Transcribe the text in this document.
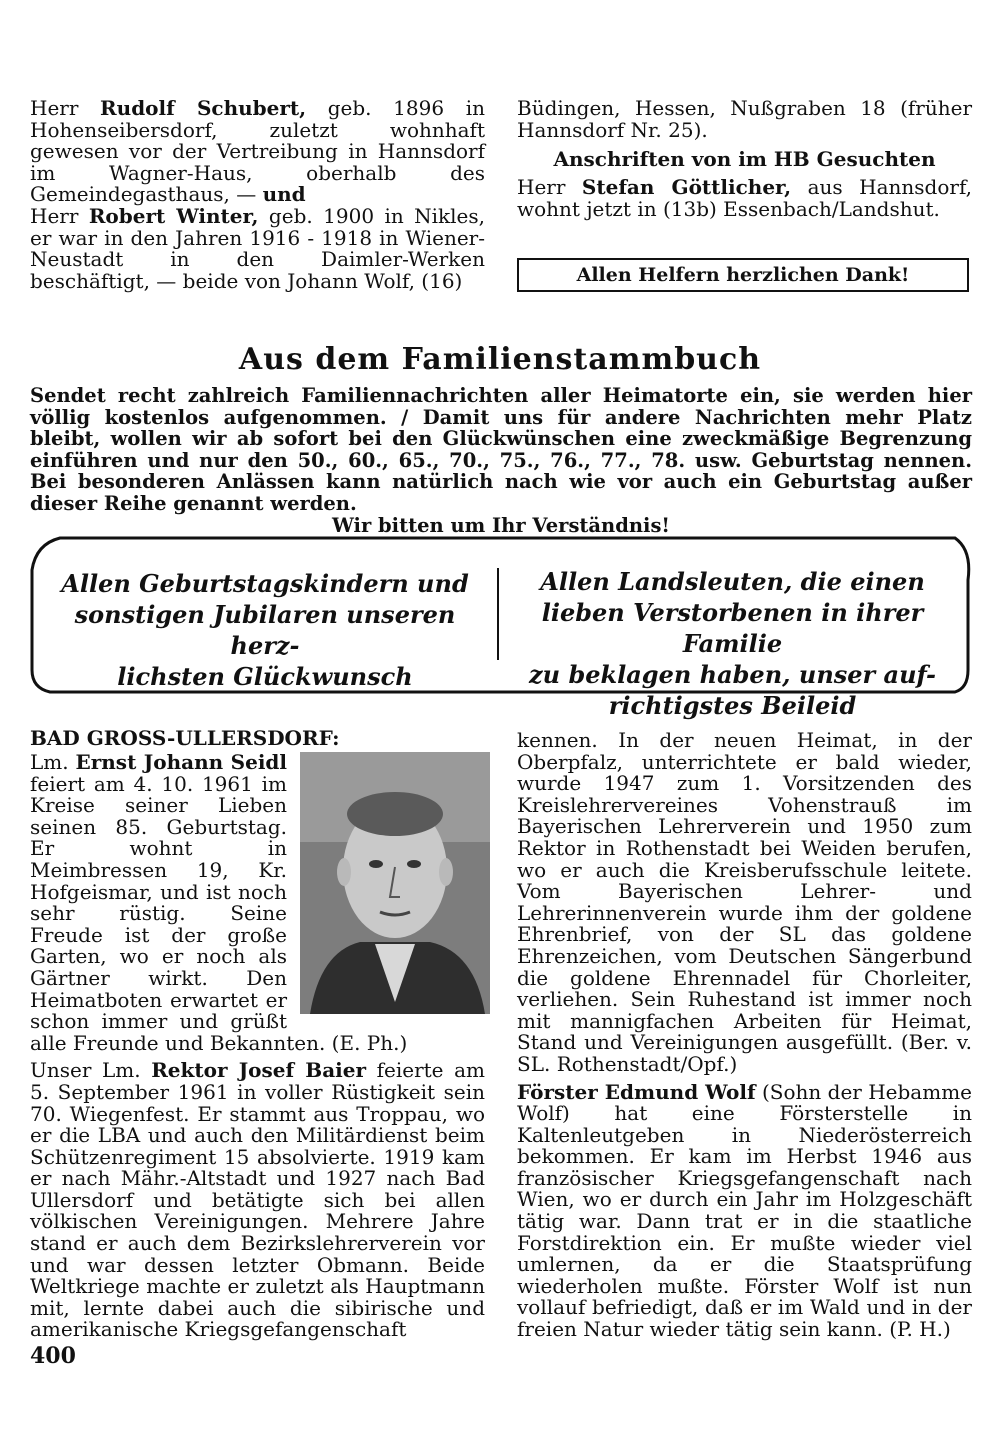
Herr Rudolf Schubert, geb. 1896 in Hohenseibersdorf, zuletzt wohnhaft gewesen vor der Vertreibung in Hannsdorf im Wagner-Haus, oberhalb des Gemeindegasthaus, — und

Herr Robert Winter, geb. 1900 in Nikles, er war in den Jahren 1916 - 1918 in Wiener-Neustadt in den Daimler-Werken beschäftigt, — beide von Johann Wolf, (16)

Büdingen, Hessen, Nußgraben 18 (früher Hannsdorf Nr. 25).

Anschriften von im HB Gesuchten

Herr Stefan Göttlicher, aus Hannsdorf, wohnt jetzt in (13b) Essenbach/Landshut.

Allen Helfern herzlichen Dank!
Aus dem Familienstammbuch

Sendet recht zahlreich Familiennachrichten aller Heimatorte ein, sie werden hier völlig kostenlos aufgenommen. / Damit uns für andere Nachrichten mehr Platz bleibt, wollen wir ab sofort bei den Glückwünschen eine zweckmäßige Begrenzung einführen und nur den 50., 60., 65., 70., 75., 76., 77., 78. usw. Geburtstag nennen. Bei besonderen Anlässen kann natürlich nach wie vor auch ein Geburtstag außer dieser Reihe genannt werden.
Wir bitten um Ihr Verständnis!

Allen Geburtstagskindern und
sonstigen Jubilaren unseren herz-
lichsten Glückwunsch
Allen Landsleuten, die einen
lieben Verstorbenen in ihrer Familie
zu beklagen haben, unser auf-
richtigstes Beileid
BAD GROSS-ULLERSDORF:

Lm. Ernst Johann Seidl feiert am 4. 10. 1961 im Kreise seiner Lieben seinen 85. Geburtstag. Er wohnt in Meimbressen 19, Kr. Hofgeismar, und ist noch sehr rüstig. Seine Freude ist der große Garten, wo er noch als Gärtner wirkt. Den Heimatboten erwartet er schon immer und grüßt alle Freunde und Bekannten. (E. Ph.)

Unser Lm. Rektor Josef Baier feierte am 5. September 1961 in voller Rüstigkeit sein 70. Wiegenfest. Er stammt aus Troppau, wo er die LBA und auch den Militärdienst beim Schützenregiment 15 absolvierte. 1919 kam er nach Mähr.-Altstadt und 1927 nach Bad Ullersdorf und betätigte sich bei allen völkischen Vereinigungen. Mehrere Jahre stand er auch dem Bezirkslehrerverein vor und war dessen letzter Obmann. Beide Weltkriege machte er zuletzt als Hauptmann mit, lernte dabei auch die sibirische und amerikanische Kriegsgefangenschaft

kennen. In der neuen Heimat, in der Oberpfalz, unterrichtete er bald wieder, wurde 1947 zum 1. Vorsitzenden des Kreislehrervereines Vohenstrauß im Bayerischen Lehrerverein und 1950 zum Rektor in Rothenstadt bei Weiden berufen, wo er auch die Kreisberufsschule leitete. Vom Bayerischen Lehrer- und Lehrerinnenverein wurde ihm der goldene Ehrenbrief, von der SL das goldene Ehrenzeichen, vom Deutschen Sängerbund die goldene Ehrennadel für Chorleiter, verliehen. Sein Ruhestand ist immer noch mit mannigfachen Arbeiten für Heimat, Stand und Vereinigungen ausgefüllt. (Ber. v. SL. Rothenstadt/Opf.)

Förster Edmund Wolf (Sohn der Hebamme Wolf) hat eine Försterstelle in Kaltenleutgeben in Niederösterreich bekommen. Er kam im Herbst 1946 aus französischer Kriegsgefangenschaft nach Wien, wo er durch ein Jahr im Holzgeschäft tätig war. Dann trat er in die staatliche Forstdirektion ein. Er mußte wieder viel umlernen, da er die Staatsprüfung wiederholen mußte. Förster Wolf ist nun vollauf befriedigt, daß er im Wald und in der freien Natur wieder tätig sein kann. (P. H.)

400
